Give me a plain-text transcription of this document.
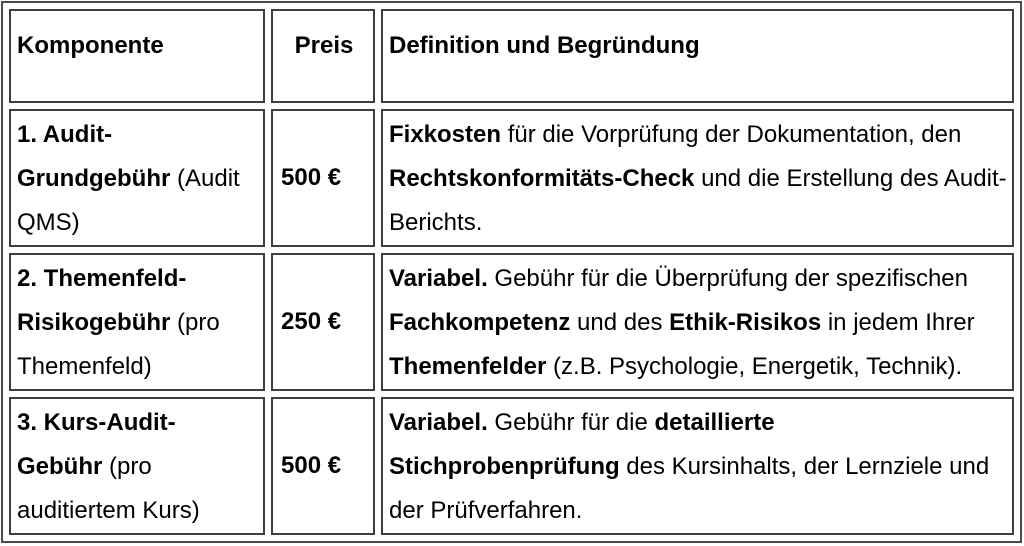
Komponente	Preis	Definition und Begründung
1. Audit-Grundgebühr (Audit QMS)	500 €	Fixkosten für die Vorprüfung der Dokumentation, den Rechtskonformitäts-Check und die Erstellung des Audit-Berichts.
2. Themenfeld-Risikogebühr (pro Themenfeld)	250 €	Variabel. Gebühr für die Überprüfung der spezifischen Fachkompetenz und des Ethik-Risikos in jedem Ihrer Themenfelder (z.B. Psychologie, Energetik, Technik).
3. Kurs-Audit-Gebühr (pro auditiertem Kurs)	500 €	Variabel. Gebühr für die detaillierte Stichprobenprüfung des Kursinhalts, der Lernziele und der Prüfverfahren.
